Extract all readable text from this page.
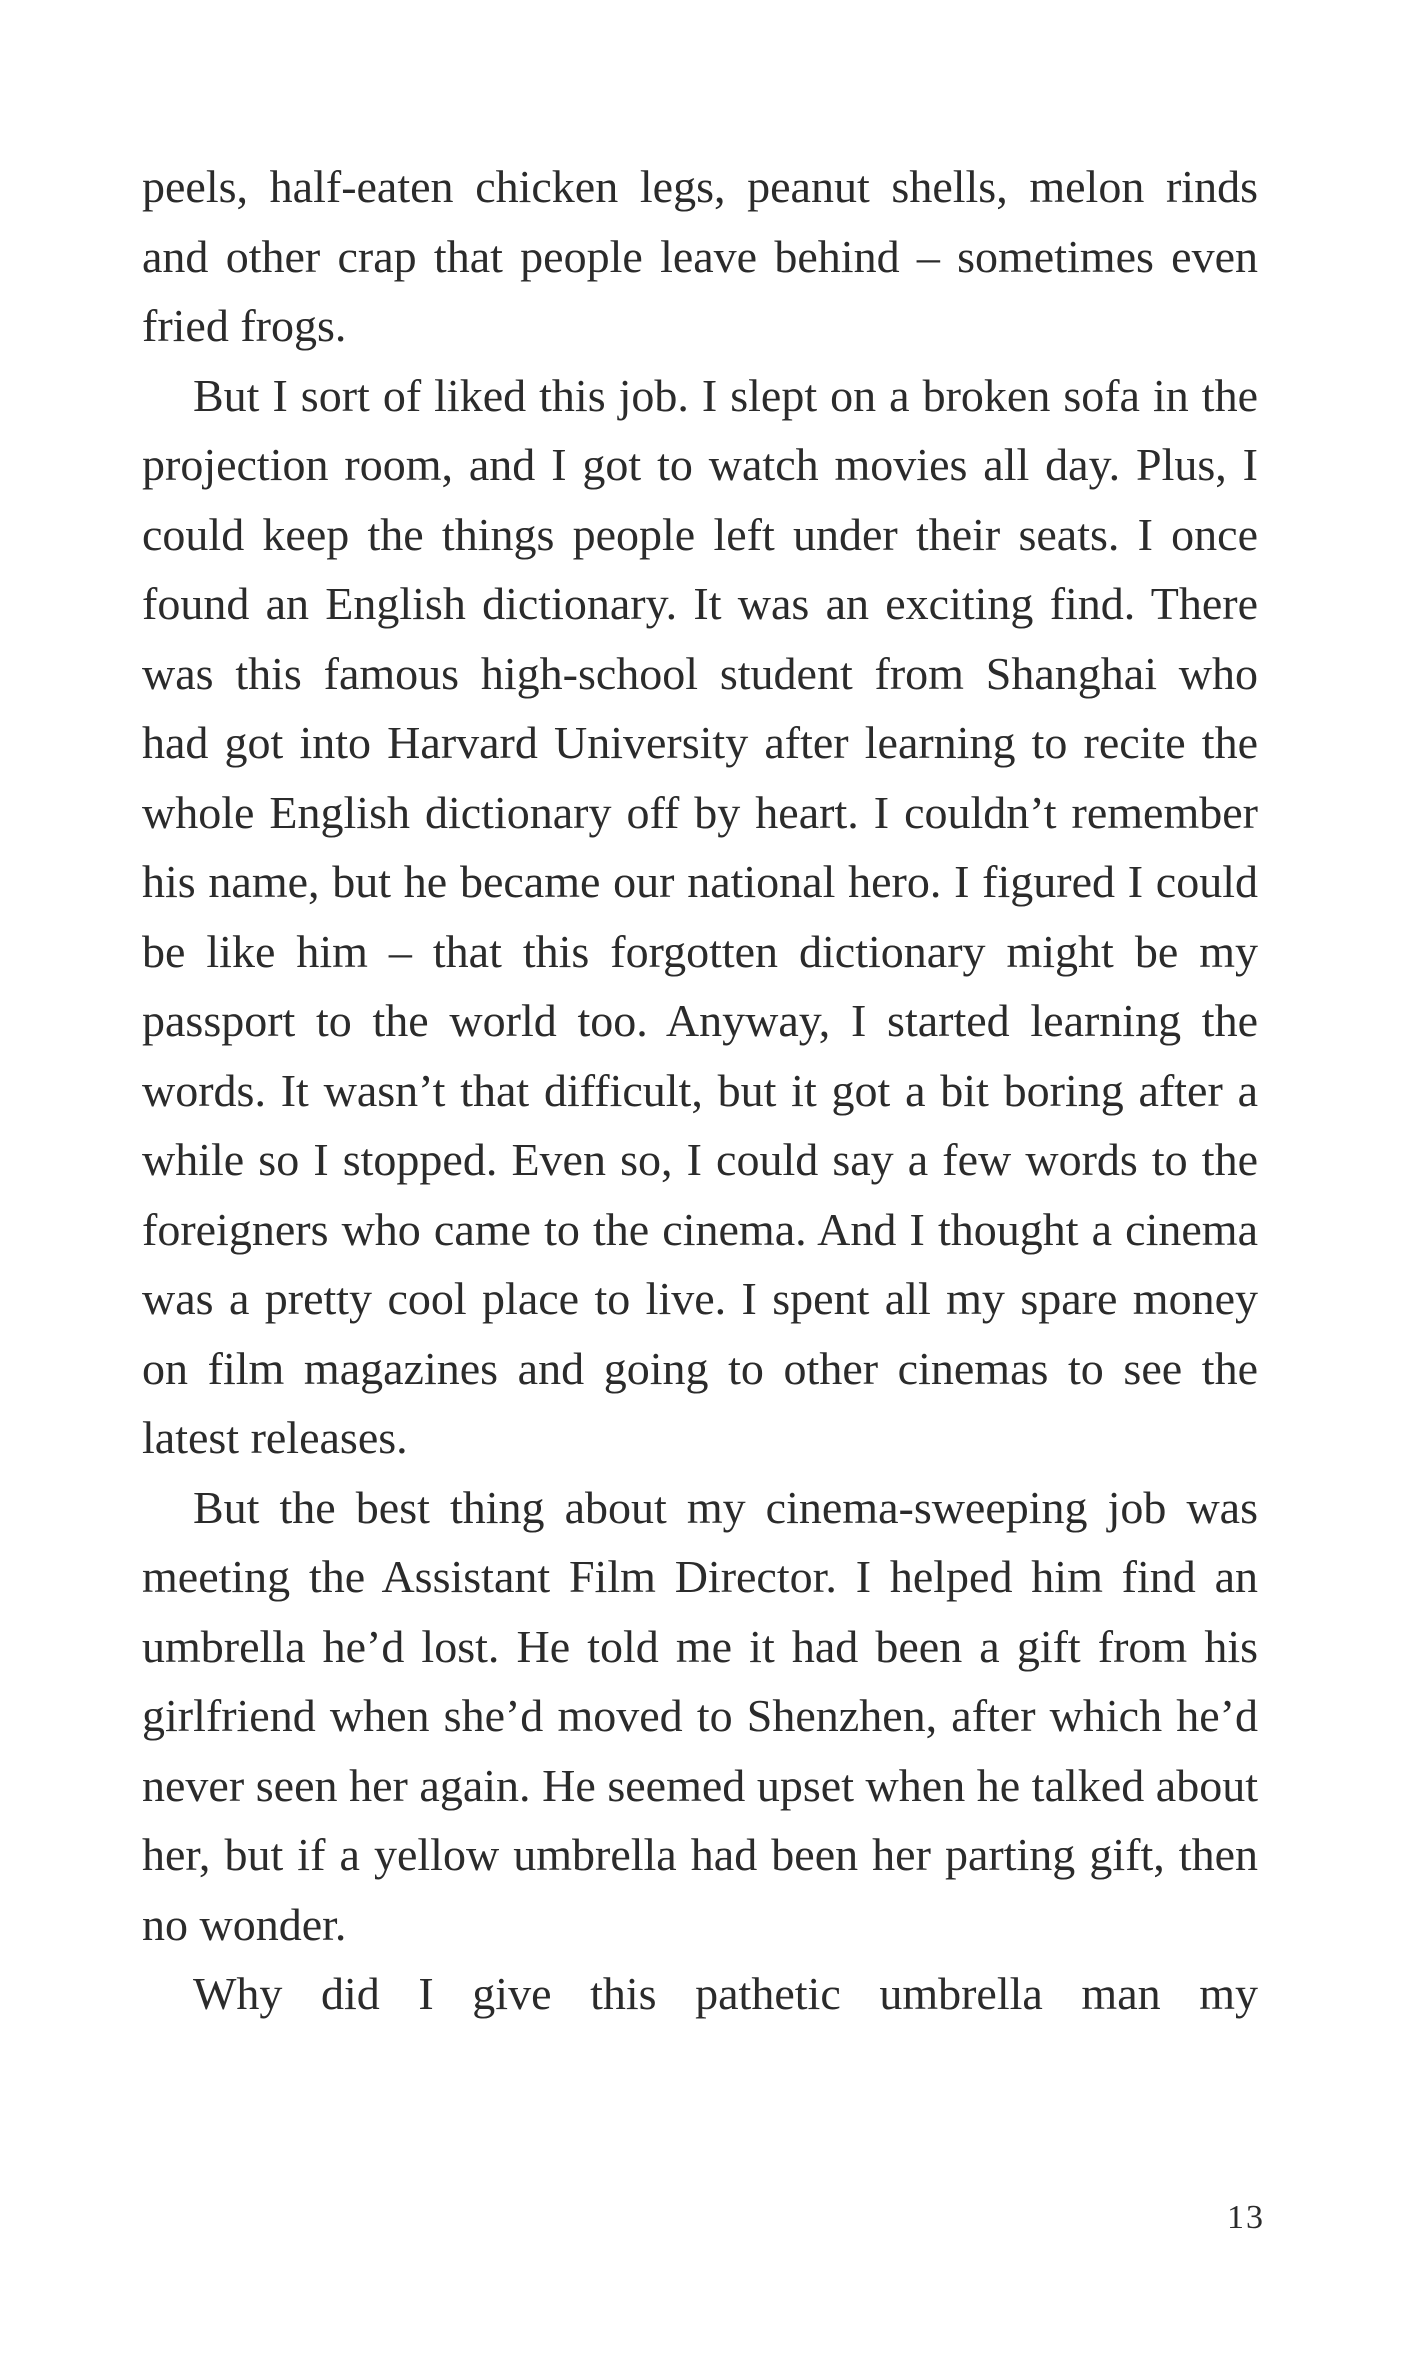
peels, half-eaten chicken legs, peanut shells, melon rinds and other crap that people leave behind – sometimes even fried frogs.

But I sort of liked this job. I slept on a broken sofa in the projection room, and I got to watch movies all day. Plus, I could keep the things people left under their seats. I once found an English dictionary. It was an exciting find. There was this famous high-school student from Shanghai who had got into Harvard University after learning to recite the whole English dictionary off by heart. I couldn’t remember his name, but he became our national hero. I figured I could be like him – that this forgotten dictionary might be my passport to the world too. Anyway, I started learning the words. It wasn’t that difficult, but it got a bit boring after a while so I stopped. Even so, I could say a few words to the foreigners who came to the cinema. And I thought a cinema was a pretty cool place to live. I spent all my spare money on film magazines and going to other cinemas to see the latest releases.

But the best thing about my cinema-sweeping job was meeting the Assistant Film Director. I helped him find an umbrella he’d lost. He told me it had been a gift from his girlfriend when she’d moved to Shenzhen, after which he’d never seen her again. He seemed upset when he talked about her, but if a yellow umbrella had been her parting gift, then no wonder.

Why did I give this pathetic umbrella man my

13
